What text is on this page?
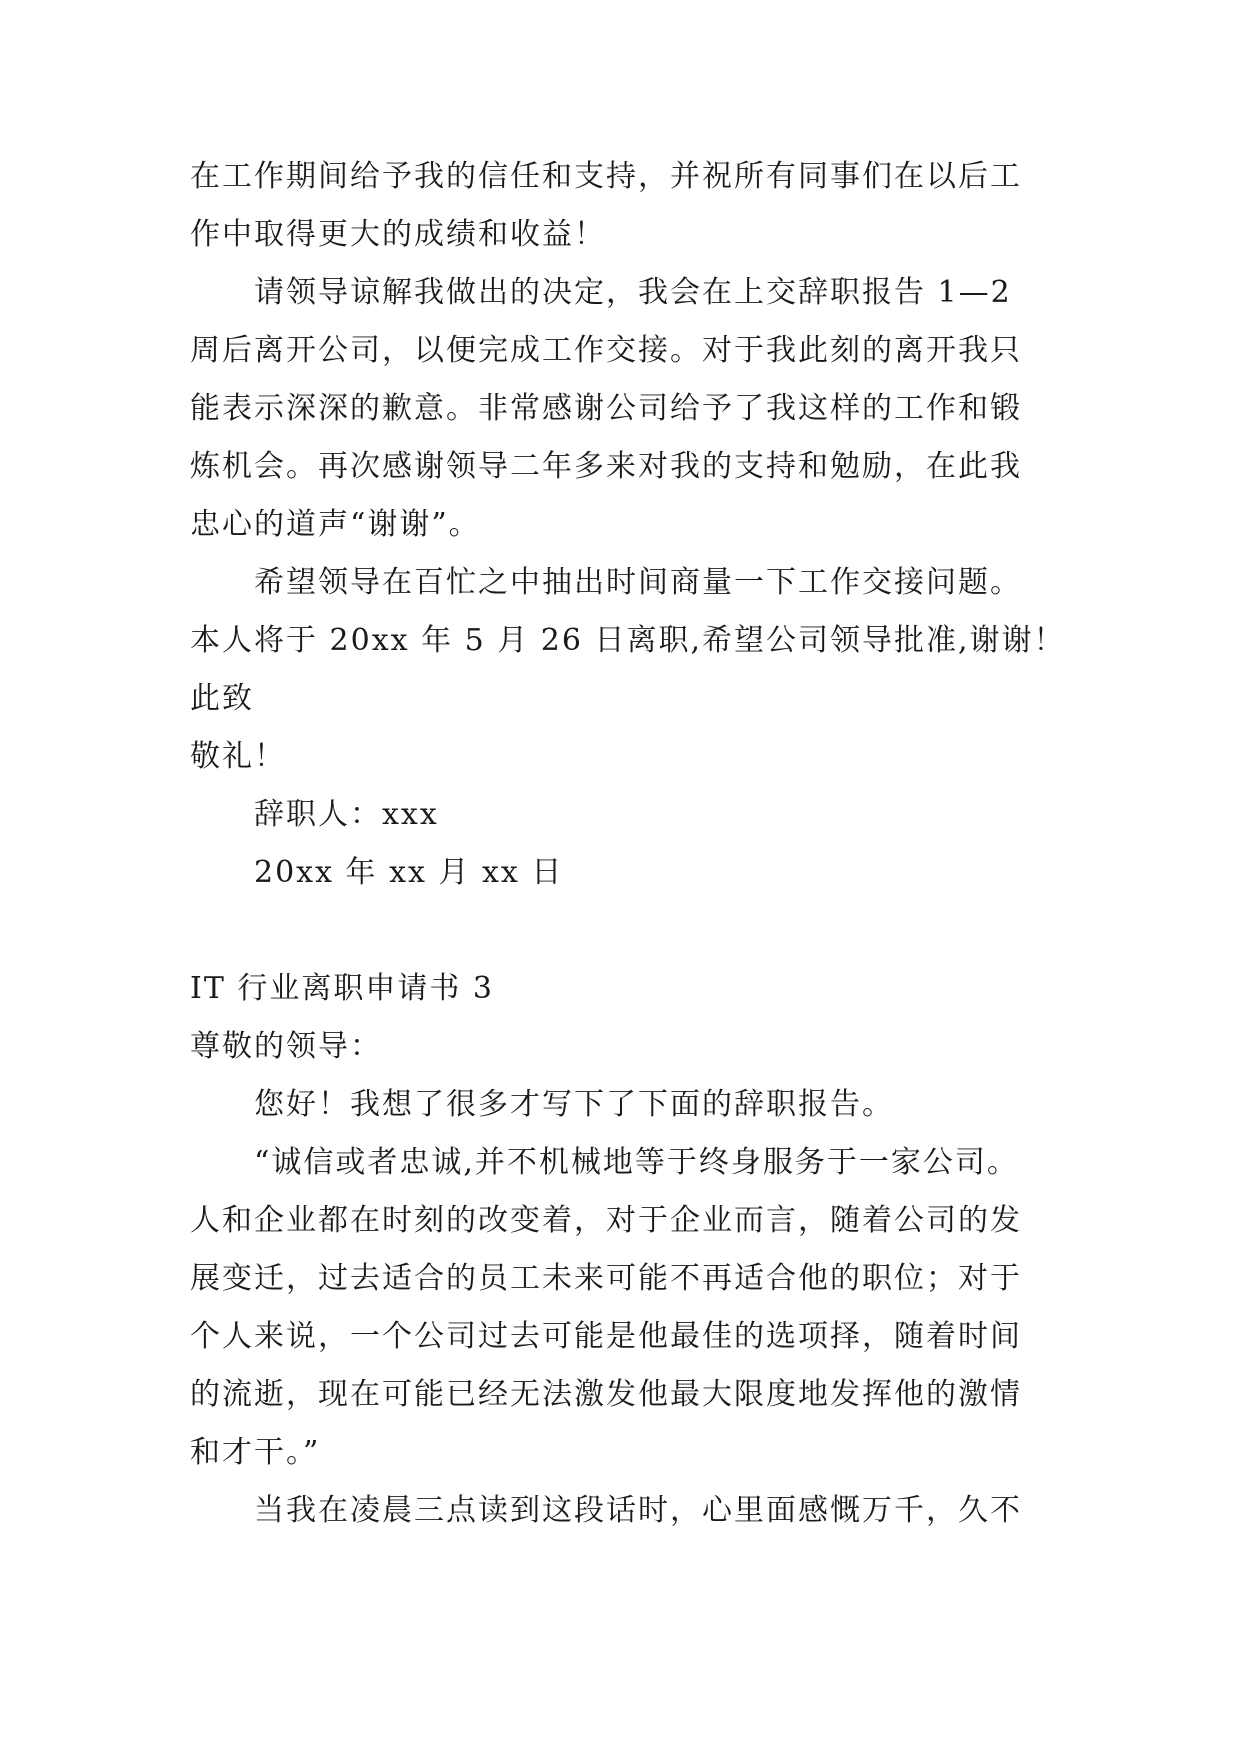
在工作期间给予我的信任和支持，并祝所有同事们在以后工
作中取得更大的成绩和收益！
请领导谅解我做出的决定，我会在上交辞职报告 1—2
周后离开公司，以便完成工作交接。对于我此刻的离开我只
能表示深深的歉意。非常感谢公司给予了我这样的工作和锻
炼机会。再次感谢领导二年多来对我的支持和勉励，在此我
忠心的道声“谢谢”。
希望领导在百忙之中抽出时间商量一下工作交接问题。
本人将于 20xx 年 5 月 26 日离职,希望公司领导批准,谢谢！
此致
敬礼！
辞职人：xxx
20xx 年 xx 月 xx 日
IT 行业离职申请书 3
尊敬的领导：
您好！我想了很多才写下了下面的辞职报告。
“诚信或者忠诚,并不机械地等于终身服务于一家公司。
人和企业都在时刻的改变着，对于企业而言，随着公司的发
展变迁，过去适合的员工未来可能不再适合他的职位；对于
个人来说，一个公司过去可能是他最佳的选项择，随着时间
的流逝，现在可能已经无法激发他最大限度地发挥他的激情
和才干。”
当我在凌晨三点读到这段话时，心里面感慨万千，久不
